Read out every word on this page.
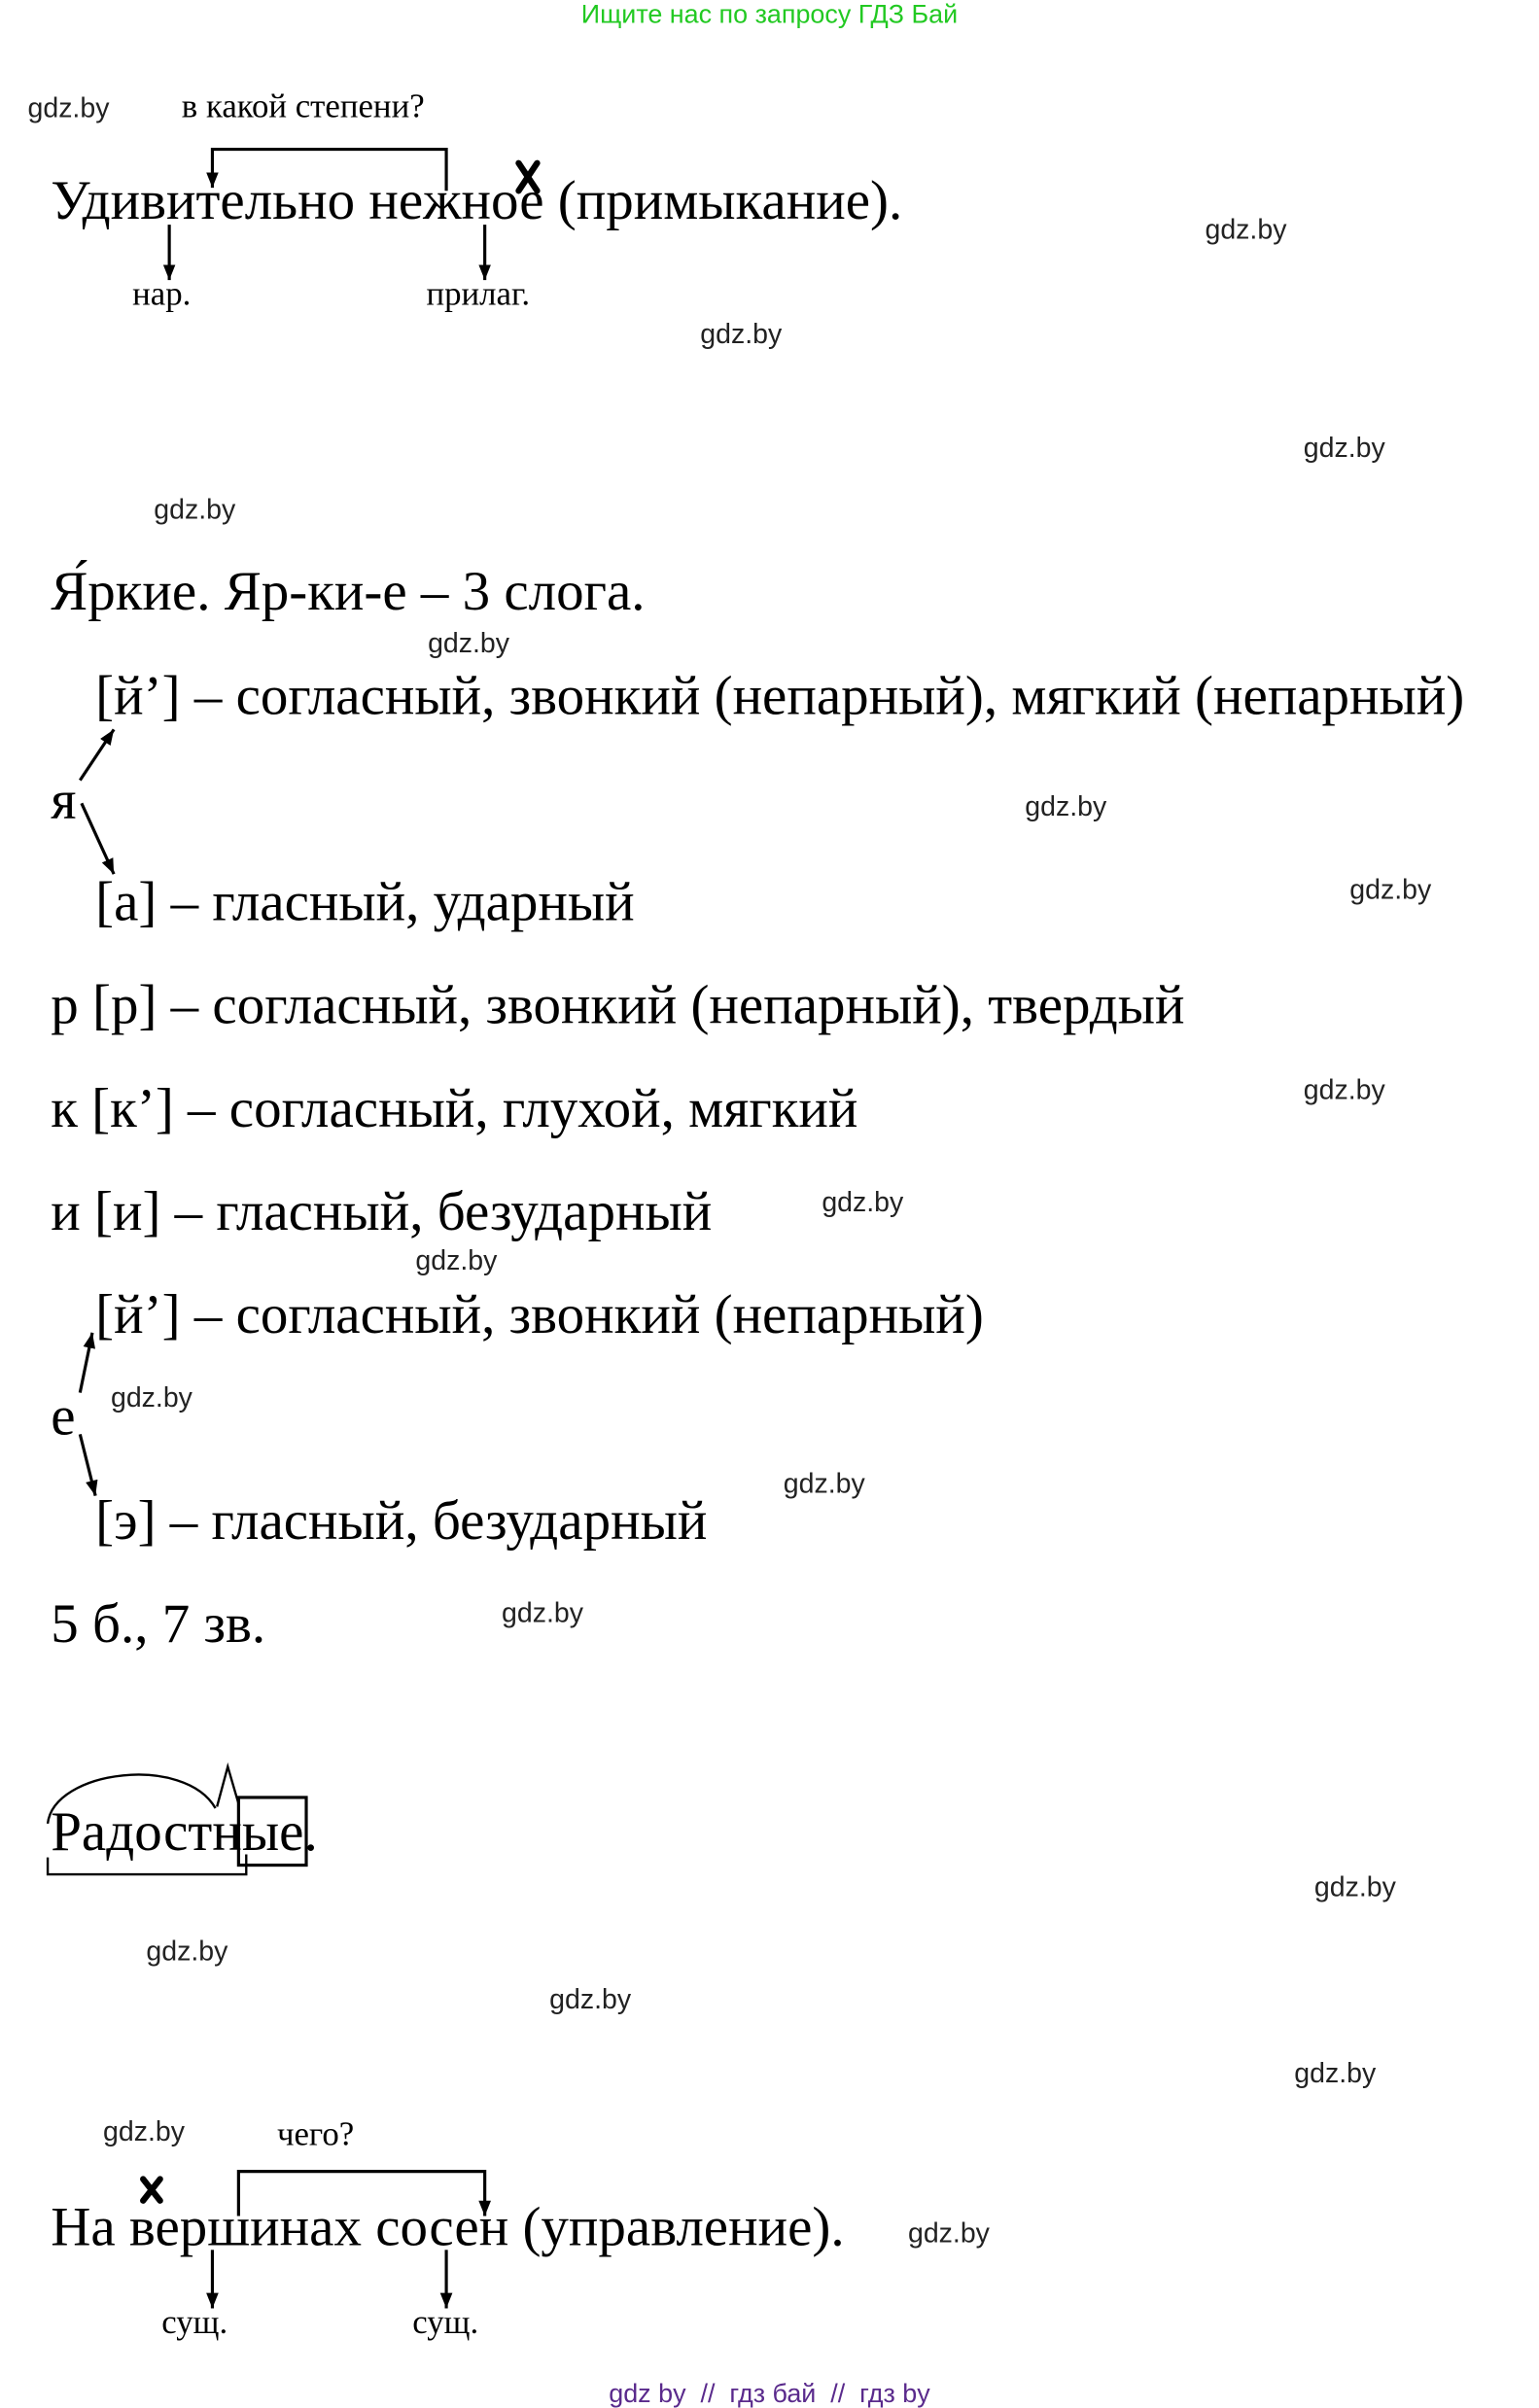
Ищите нас по запросу ГДЗ Бай
gdz.by
gdz.by
gdz.by
gdz.by
gdz.by
gdz.by
gdz.by
gdz.by
gdz.by
gdz.by
gdz.by
gdz.by
gdz.by
gdz.by
gdz.by
gdz.by
gdz.by
gdz.by
gdz.by
gdz.by
в какой степени?
Удивительно нежное (примыкание).
нар.	прилаг.
Я́ркие. Яр-ки-е – 3 слога.
[й’] – согласный, звонкий (непарный), мягкий (непарный)
я
[а] – гласный, ударный
р [р] – согласный, звонкий (непарный), твердый
к [к’] – согласный, глухой, мягкий
и [и] – гласный, безударный
[й’] – согласный, звонкий (непарный)
е
[э] – гласный, безударный
5 б., 7 зв.
Радостные.
чего?
На вершинах сосен (управление).
сущ.	сущ.
gdz by  //  гдз бай  //  гдз by
